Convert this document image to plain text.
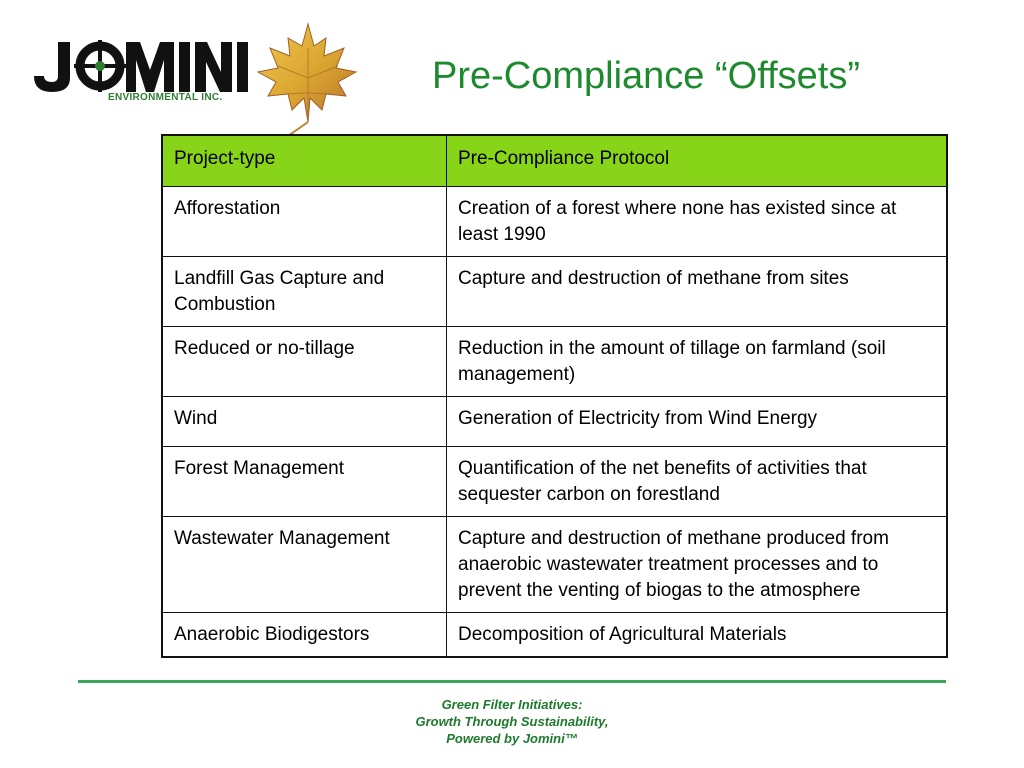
ENVIRONMENTAL INC.
Pre-Compliance “Offsets”
Project-type	Pre-Compliance Protocol
Afforestation	Creation of a forest where none has existed since at least 1990
Landfill Gas Capture and Combustion	Capture and destruction of methane from sites
Reduced or no-tillage	Reduction in the amount of tillage on farmland (soil management)
Wind	Generation of Electricity from Wind Energy
Forest Management	Quantification of the net benefits of activities that sequester carbon on forestland
Wastewater Management	Capture and destruction of methane produced from anaerobic wastewater treatment processes and to prevent the venting of biogas to the atmosphere
Anaerobic Biodigestors	Decomposition of Agricultural Materials
Green Filter Initiatives:
Growth Through Sustainability,
Powered by Jomini™
